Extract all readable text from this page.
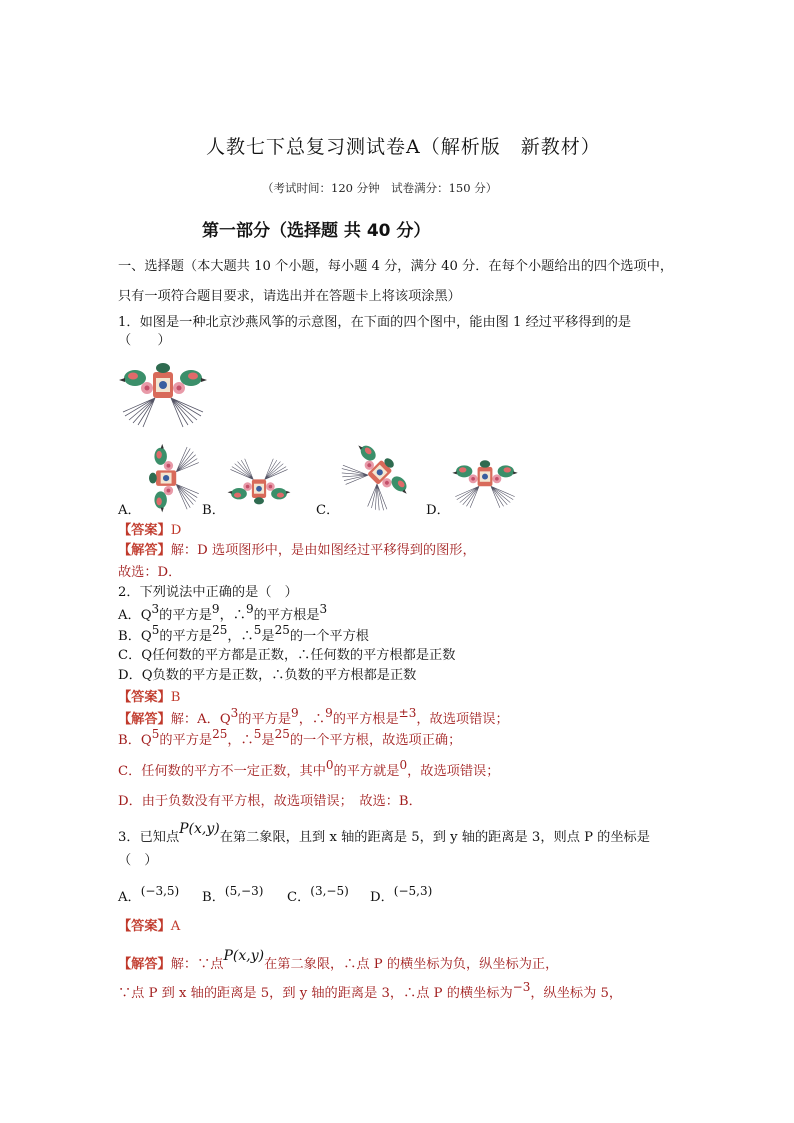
人教七下总复习测试卷A（解析版　新教材）
（考试时间：120 分钟　试卷满分：150 分）
第一部分（选择题 共 40 分）
一、选择题（本大题共 10 个小题，每小题 4 分，满分 40 分．在每个小题给出的四个选项中，
只有一项符合题目要求，请选出并在答题卡上将该项涂黑）
1．如图是一种北京沙燕风筝的示意图，在下面的四个图中，能由图 1 经过平移得到的是
（　　）
A．	B．	C．	D．
【答案】D
【解答】解：D 选项图形中，是由如图经过平移得到的图形，
故选：D．
2．下列说法中正确的是（　）
A．Q3的平方是9，∴9的平方根是3
B．Q5的平方是25，∴5是25的一个平方根
C．Q任何数的平方都是正数，∴任何数的平方根都是正数
D．Q负数的平方是正数，∴负数的平方根都是正数
【答案】B
【解答】解：A．Q3的平方是9，∴9的平方根是±3，故选项错误；
B．Q5的平方是25，∴5是25的一个平方根，故选项正确；
C．任何数的平方不一定正数，其中0的平方就是0，故选项错误；
D．由于负数没有平方根，故选项错误；　故选：B．
3．已知点P(x,y)在第二象限，且到 x 轴的距离是 5，到 y 轴的距离是 3，则点 P 的坐标是
（　）
A．(−3,5) B．(5,−3) C．(3,−5) D．(−5,3)
【答案】A
【解答】解：∵点P(x,y)在第二象限，∴点 P 的横坐标为负，纵坐标为正，
∵点 P 到 x 轴的距离是 5，到 y 轴的距离是 3，∴点 P 的横坐标为−3，纵坐标为 5，
